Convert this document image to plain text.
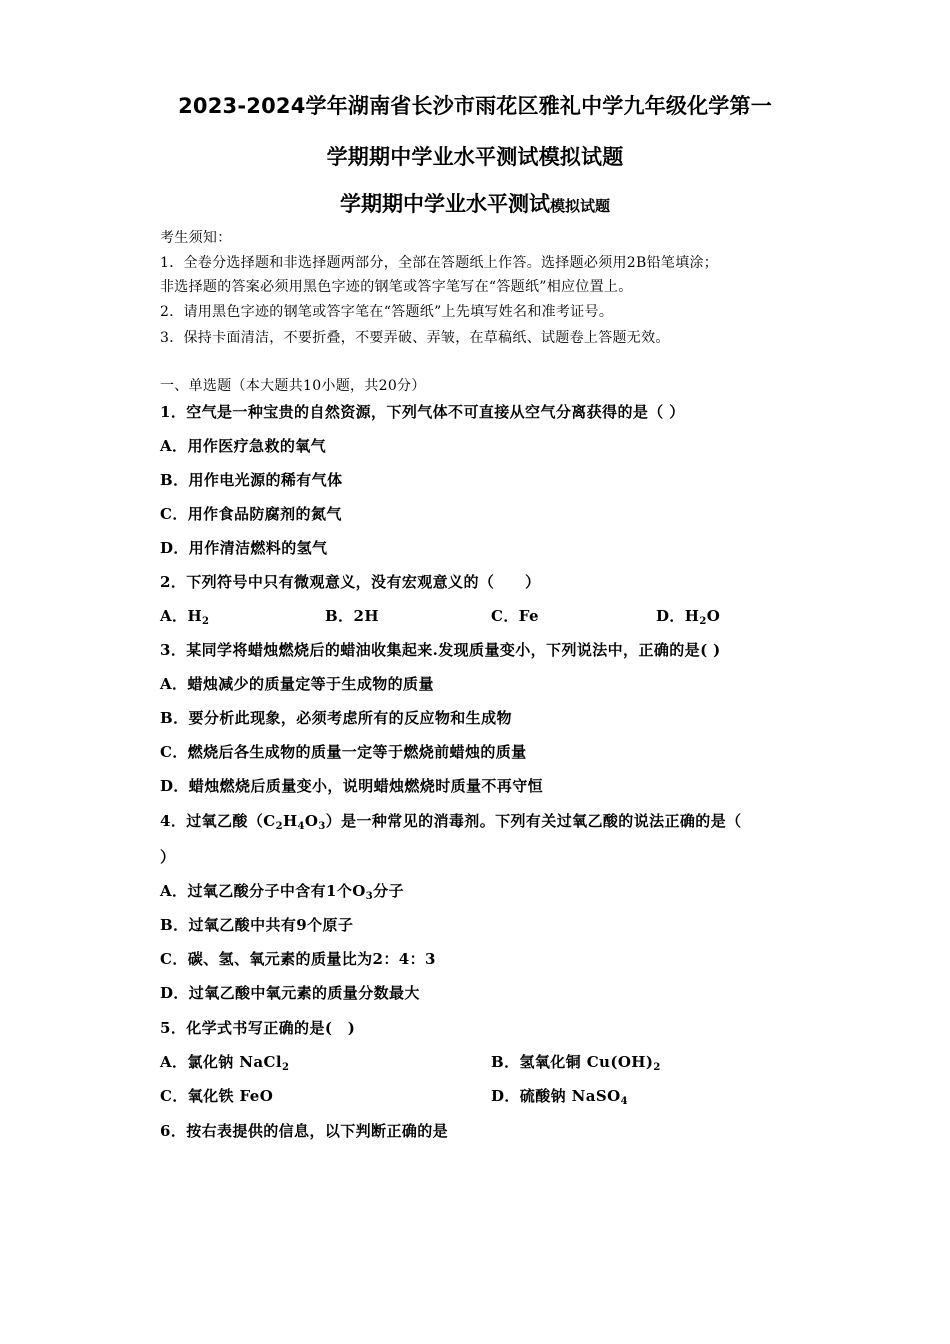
2023-2024学年湖南省长沙市雨花区雅礼中学九年级化学第一
学期期中学业水平测试模拟试题
学期期中学业水平测试模拟试题
考生须知：
1．全卷分选择题和非选择题两部分，全部在答题纸上作答。选择题必须用2B铅笔填涂；
非选择题的答案必须用黑色字迹的钢笔或答字笔写在“答题纸”相应位置上。
2．请用黑色字迹的钢笔或答字笔在“答题纸”上先填写姓名和准考证号。
3．保持卡面清洁，不要折叠，不要弄破、弄皱，在草稿纸、试题卷上答题无效。
一、单选题（本大题共10小题，共20分）
1．空气是一种宝贵的自然资源，下列气体不可直接从空气分离获得的是（ ）
A．用作医疗急救的氧气
B．用作电光源的稀有气体
C．用作食品防腐剂的氮气
D．用作清洁燃料的氢气
2．下列符号中只有微观意义，没有宏观意义的（　　）
A．$H_2$	B．2H	C．Fe	D．$H_2O$
3．某同学将蜡烛燃烧后的蜡油收集起来.发现质量变小，下列说法中，正确的是( )
A．蜡烛减少的质量定等于生成物的质量
B．要分析此现象，必须考虑所有的反应物和生成物
C．燃烧后各生成物的质量一定等于燃烧前蜡烛的质量
D．蜡烛燃烧后质量变小，说明蜡烛燃烧时质量不再守恒
4．过氧乙酸$(C_2H_4O_3)$是一种常见的消毒剂。下列有关过氧乙酸的说法正确的是（
）
A．过氧乙酸分子中含有1个$O_3$分子
B．过氧乙酸中共有9个原子
C．碳、氢、氧元素的质量比为2：4：3
D．过氧乙酸中氧元素的质量分数最大
5．化学式书写正确的是(　)
A．氯化钠 NaCl$_2$	B．氢氧化铜 $Cu(OH)_2$
C．氧化铁 FeO	D．硫酸钠 NaSO$_4$
6．按右表提供的信息，以下判断正确的是
